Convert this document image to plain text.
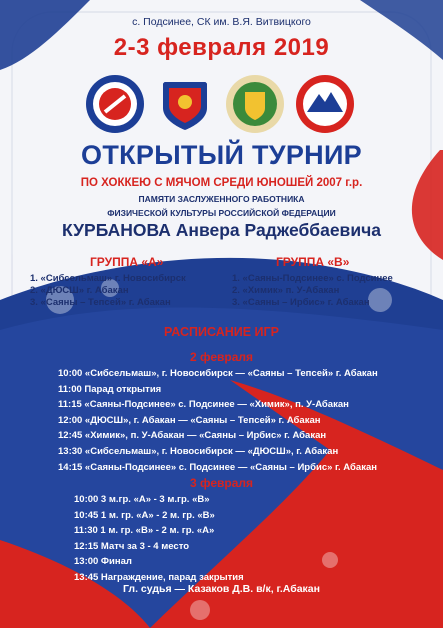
с. Подсинее, СК им. В.Я. Витвицкого
2-3 февраля 2019
ОТКРЫТЫЙ ТУРНИР
ПО ХОККЕЮ С МЯЧОМ СРЕДИ ЮНОШЕЙ 2007 г.р.
ПАМЯТИ ЗАСЛУЖЕННОГО РАБОТНИКА
ФИЗИЧЕСКОЙ КУЛЬТУРЫ РОССИЙСКОЙ ФЕДЕРАЦИИ
КУРБАНОВА Анвера Раджеббаевича
ГРУППА «А»
1. «Сибсельмаш» г. Новосибирск
2. «ДЮСШ» г. Абакан
3. «Саяны – Тепсей» г. Абакан
ГРУППА «В»
1. «Саяны-Подсинее» с. Подсинее
2. «Химик» п. У-Абакан
3. «Саяны – Ирбис» г. Абакан
РАСПИСАНИЕ ИГР
2 февраля
10:00 «Сибсельмаш», г. Новосибирск — «Саяны – Тепсей» г. Абакан
11:00 Парад открытия
11:15 «Саяны-Подсинее» с. Подсинее — «Химик», п. У-Абакан
12:00 «ДЮСШ», г. Абакан — «Саяны – Тепсей» г. Абакан
12:45 «Химик», п. У-Абакан — «Саяны – Ирбис» г. Абакан
13:30 «Сибсельмаш», г. Новосибирск — «ДЮСШ», г. Абакан
14:15 «Саяны-Подсинее» с. Подсинее — «Саяны – Ирбис» г. Абакан
3 февраля
10:00 3 м.гр. «А» - 3 м.гр. «В»
10:45 1 м. гр. «А» - 2 м. гр. «В»
11:30 1 м. гр. «В» - 2 м. гр. «А»
12:15 Матч за 3 - 4 место
13:00 Финал
13:45 Награждение, парад закрытия
Гл. судья — Казаков Д.В. в/к, г.Абакан
